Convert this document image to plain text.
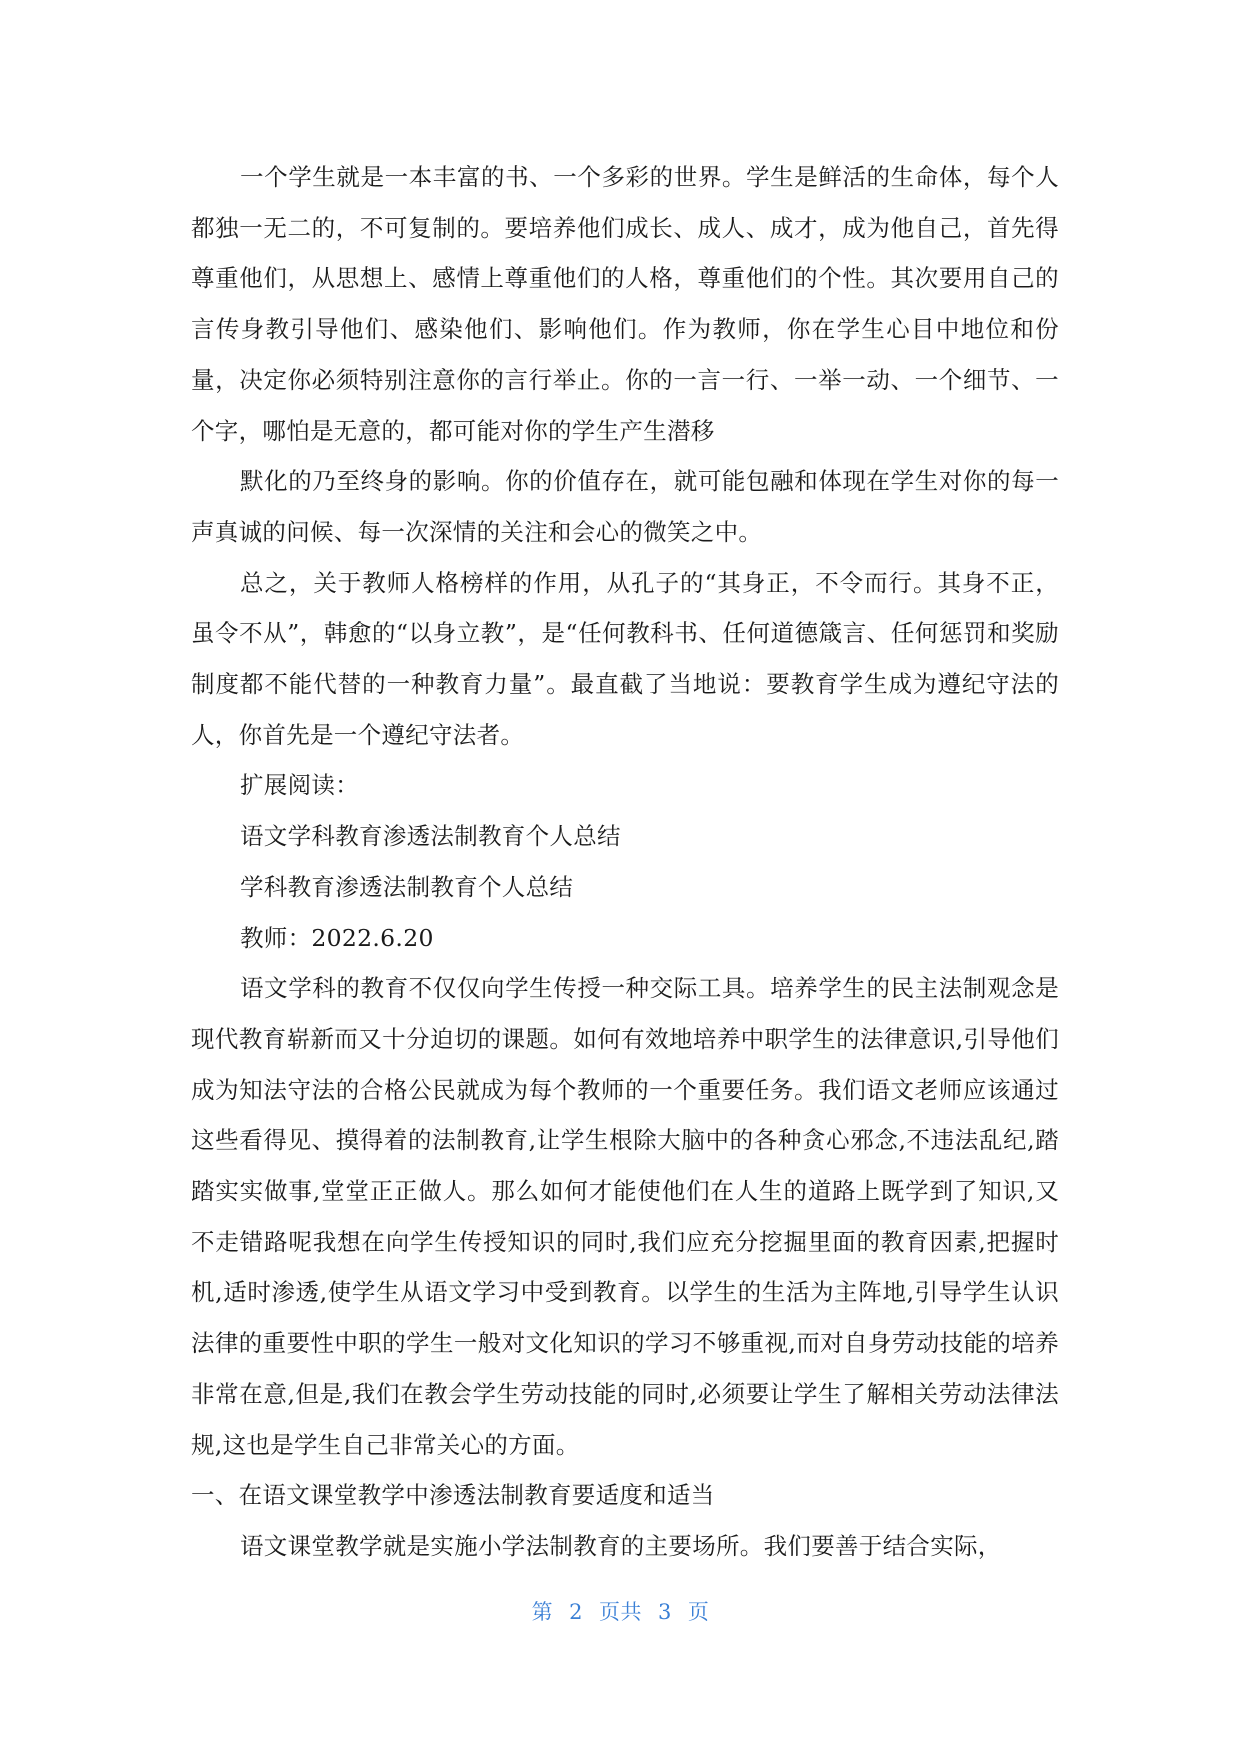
一个学生就是一本丰富的书、一个多彩的世界。学生是鲜活的生命体，每个人都独一无二的，不可复制的。要培养他们成长、成人、成才，成为他自己，首先得尊重他们，从思想上、感情上尊重他们的人格，尊重他们的个性。其次要用自己的言传身教引导他们、感染他们、影响他们。作为教师，你在学生心目中地位和份量，决定你必须特别注意你的言行举止。你的一言一行、一举一动、一个细节、一个字，哪怕是无意的，都可能对你的学生产生潜移

默化的乃至终身的影响。你的价值存在，就可能包融和体现在学生对你的每一声真诚的问候、每一次深情的关注和会心的微笑之中。

总之，关于教师人格榜样的作用，从孔子的“其身正，不令而行。其身不正，虽令不从”，韩愈的“以身立教”，是“任何教科书、任何道德箴言、任何惩罚和奖励制度都不能代替的一种教育力量”。最直截了当地说：要教育学生成为遵纪守法的人，你首先是一个遵纪守法者。

扩展阅读：

语文学科教育渗透法制教育个人总结

学科教育渗透法制教育个人总结

教师：2022.6.20

语文学科的教育不仅仅向学生传授一种交际工具。培养学生的民主法制观念是现代教育崭新而又十分迫切的课题。如何有效地培养中职学生的法律意识,引导他们成为知法守法的合格公民就成为每个教师的一个重要任务。我们语文老师应该通过这些看得见、摸得着的法制教育,让学生根除大脑中的各种贪心邪念,不违法乱纪,踏踏实实做事,堂堂正正做人。那么如何才能使他们在人生的道路上既学到了知识,又不走错路呢我想在向学生传授知识的同时,我们应充分挖掘里面的教育因素,把握时机,适时渗透,使学生从语文学习中受到教育。以学生的生活为主阵地,引导学生认识法律的重要性中职的学生一般对文化知识的学习不够重视,而对自身劳动技能的培养非常在意,但是,我们在教会学生劳动技能的同时,必须要让学生了解相关劳动法律法规,这也是学生自己非常关心的方面。

一、在语文课堂教学中渗透法制教育要适度和适当

语文课堂教学就是实施小学法制教育的主要场所。我们要善于结合实际，

第 2 页共 3 页
